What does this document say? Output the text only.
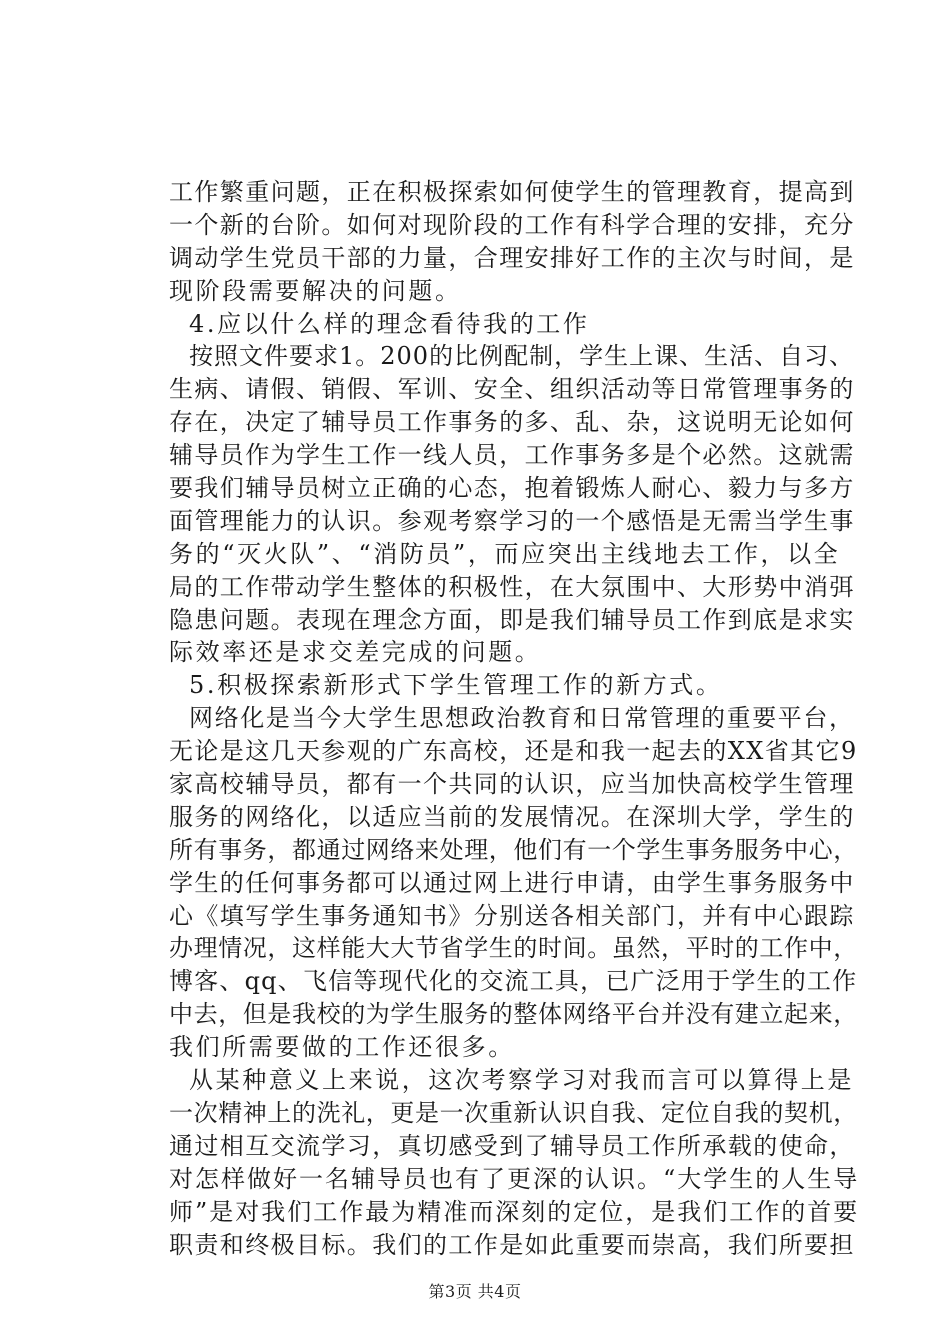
工作繁重问题，正在积极探索如何使学生的管理教育，提高到
一个新的台阶。如何对现阶段的工作有科学合理的安排，充分
调动学生党员干部的力量，合理安排好工作的主次与时间，是
现阶段需要解决的问题。
4.应以什么样的理念看待我的工作
按照文件要求1。200的比例配制，学生上课、生活、自习、
生病、请假、销假、军训、安全、组织活动等日常管理事务的
存在，决定了辅导员工作事务的多、乱、杂，这说明无论如何
辅导员作为学生工作一线人员，工作事务多是个必然。这就需
要我们辅导员树立正确的心态，抱着锻炼人耐心、毅力与多方
面管理能力的认识。参观考察学习的一个感悟是无需当学生事
务的“灭火队”、“消防员”，而应突出主线地去工作，以全
局的工作带动学生整体的积极性，在大氛围中、大形势中消弭
隐患问题。表现在理念方面，即是我们辅导员工作到底是求实
际效率还是求交差完成的问题。
5.积极探索新形式下学生管理工作的新方式。
网络化是当今大学生思想政治教育和日常管理的重要平台，
无论是这几天参观的广东高校，还是和我一起去的XX省其它9
家高校辅导员，都有一个共同的认识，应当加快高校学生管理
服务的网络化，以适应当前的发展情况。在深圳大学，学生的
所有事务，都通过网络来处理，他们有一个学生事务服务中心，
学生的任何事务都可以通过网上进行申请，由学生事务服务中
心《填写学生事务通知书》分别送各相关部门，并有中心跟踪
办理情况，这样能大大节省学生的时间。虽然，平时的工作中，
博客、qq、飞信等现代化的交流工具，已广泛用于学生的工作
中去，但是我校的为学生服务的整体网络平台并没有建立起来，
我们所需要做的工作还很多。
从某种意义上来说，这次考察学习对我而言可以算得上是
一次精神上的洗礼，更是一次重新认识自我、定位自我的契机，
通过相互交流学习，真切感受到了辅导员工作所承载的使命，
对怎样做好一名辅导员也有了更深的认识。“大学生的人生导
师”是对我们工作最为精准而深刻的定位，是我们工作的首要
职责和终极目标。我们的工作是如此重要而崇高，我们所要担
第3页 共4页
